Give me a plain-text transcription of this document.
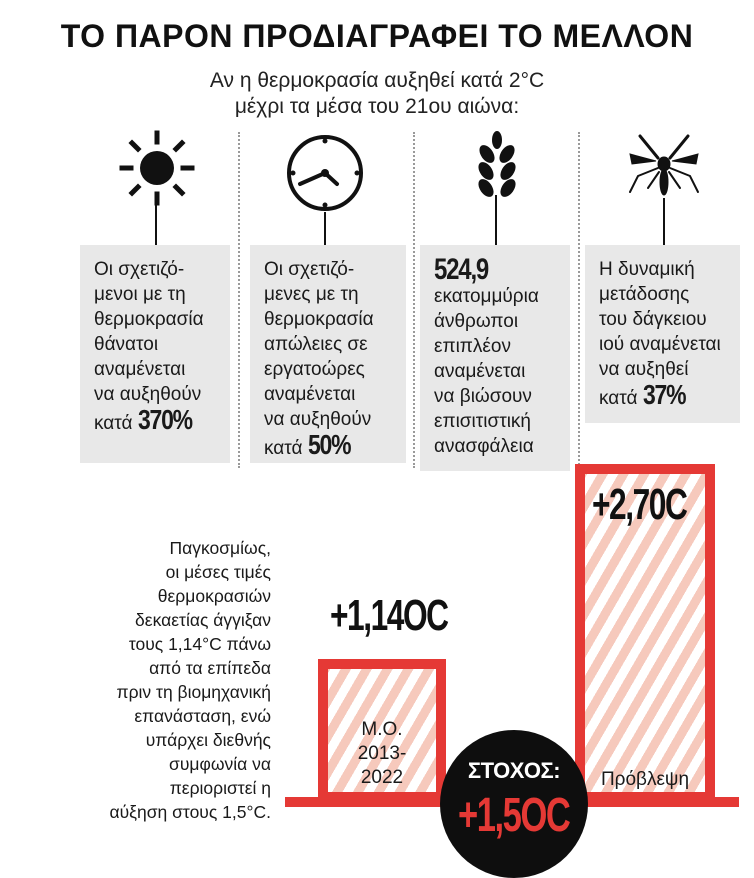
ΤΟ ΠΑΡΟΝ ΠΡΟΔΙΑΓΡΑΦΕΙ ΤΟ ΜΕΛΛΟΝ
Αν η θερμοκρασία αυξηθεί κατά 2°C
μέχρι τα μέσα του 21ου αιώνα:
Οι σχετιζό-
μενοι με τη
θερμοκρασία
θάνατοι
αναμένεται
να αυξηθούν
κατά 370%
Οι σχετιζό-
μενες με τη
θερμοκρασία
απώλειες σε
εργατοώρες
αναμένεται
να αυξηθούν
κατά 50%
524,9
εκατομμύρια
άνθρωποι
επιπλέον
αναμένεται
να βιώσουν
επισιτιστική
ανασφάλεια
Η δυναμική
μετάδοσης
του δάγκειου
ιού αναμένεται
να αυξηθεί
κατά 37%
Παγκοσμίως,
οι μέσες τιμές
θερμοκρασιών
δεκαετίας άγγιξαν
τους 1,14°C πάνω
από τα επίπεδα
πριν τη βιομηχανική
επανάσταση, ενώ
υπάρχει διεθνής
συμφωνία να
περιοριστεί η
αύξηση στους 1,5°C.
+1,14OC
Μ.Ο.
2013-
2022
+2,70C
Πρόβλεψη
ΣΤΟΧΟΣ:
+1,5OC
